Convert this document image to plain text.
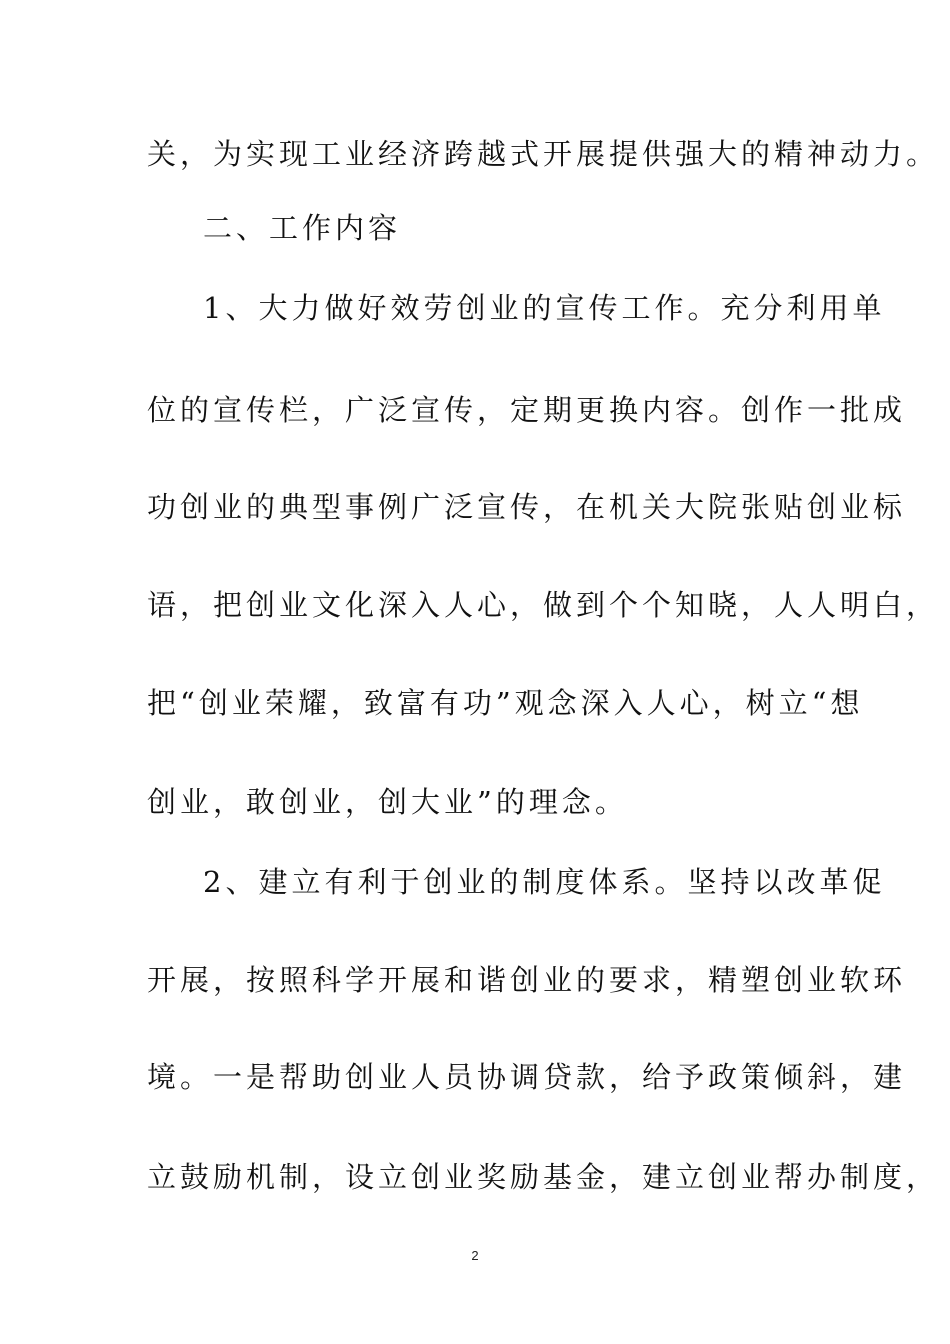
关，为实现工业经济跨越式开展提供强大的精神动力。
二、工作内容
1、大力做好效劳创业的宣传工作。充分利用单
位的宣传栏，广泛宣传，定期更换内容。创作一批成
功创业的典型事例广泛宣传，在机关大院张贴创业标
语，把创业文化深入人心，做到个个知晓，人人明白，
把“创业荣耀，致富有功”观念深入人心，树立“想
创业，敢创业，创大业”的理念。
2、建立有利于创业的制度体系。坚持以改革促
开展，按照科学开展和谐创业的要求，精塑创业软环
境。一是帮助创业人员协调贷款，给予政策倾斜，建
立鼓励机制，设立创业奖励基金，建立创业帮办制度，
2
